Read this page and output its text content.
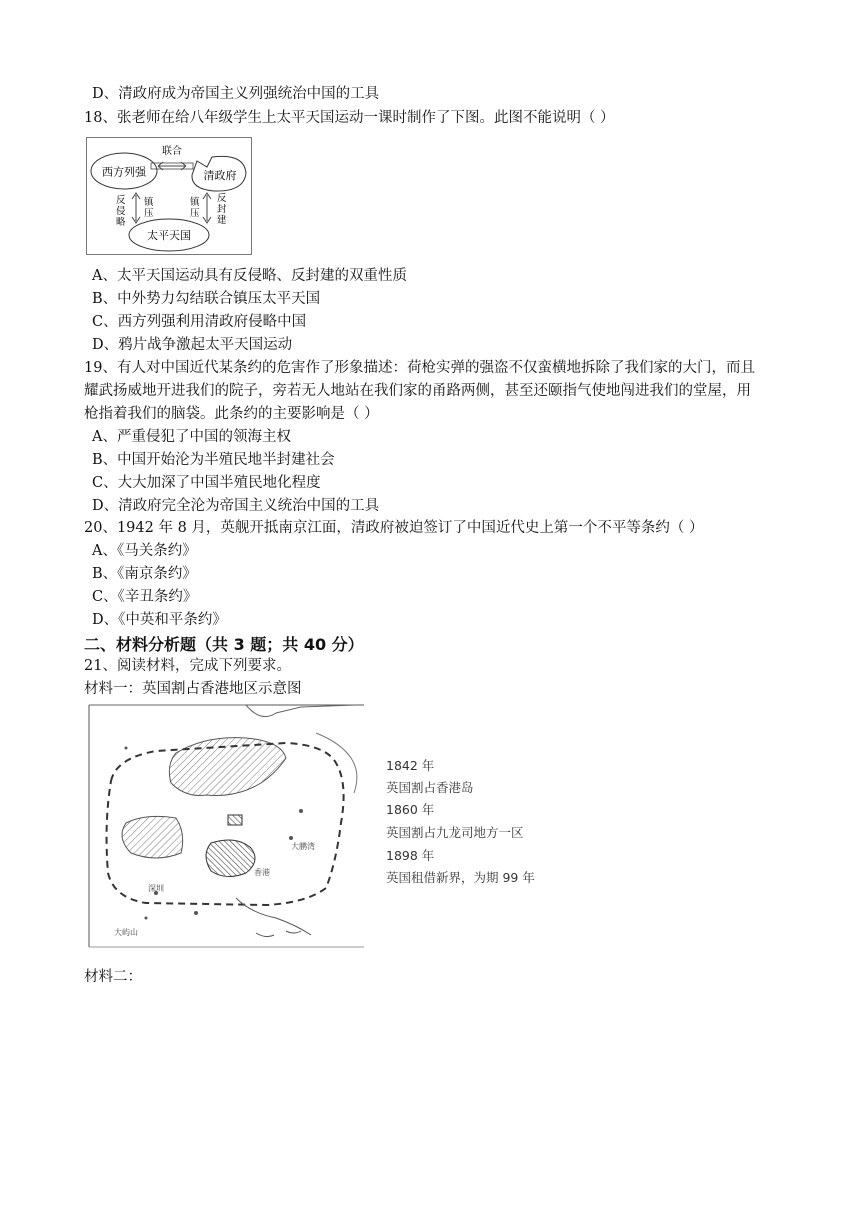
D、清政府成为帝国主义列强统治中国的工具
18、张老师在给八年级学生上太平天国运动一课时制作了下图。此图不能说明（ ）
西方列强	清政府
太平天国
联合
反侵略
镇压
镇压
反封建
A、太平天国运动具有反侵略、反封建的双重性质
B、中外势力勾结联合镇压太平天国
C、西方列强利用清政府侵略中国
D、鸦片战争激起太平天国运动
19、有人对中国近代某条约的危害作了形象描述：荷枪实弹的强盗不仅蛮横地拆除了我们家的大门，而且
耀武扬威地开进我们的院子，旁若无人地站在我们家的甬路两侧，甚至还颐指气使地闯进我们的堂屋，用
枪指着我们的脑袋。此条约的主要影响是（ ）
A、严重侵犯了中国的领海主权
B、中国开始沦为半殖民地半封建社会
C、大大加深了中国半殖民地化程度
D、清政府完全沦为帝国主义统治中国的工具
20、1942 年 8 月，英舰开抵南京江面，清政府被迫签订了中国近代史上第一个不平等条约（ ）
A、《马关条约》
B、《南京条约》
C、《辛丑条约》
D、《中英和平条约》
二、材料分析题（共 3 题；共 40 分）
21、阅读材料，完成下列要求。
材料一：英国割占香港地区示意图
深圳
香港
大鹏湾
大屿山
1842 年
英国割占香港岛
1860 年
英国割占九龙司地方一区
1898 年
英国租借新界，为期 99 年
材料二：
